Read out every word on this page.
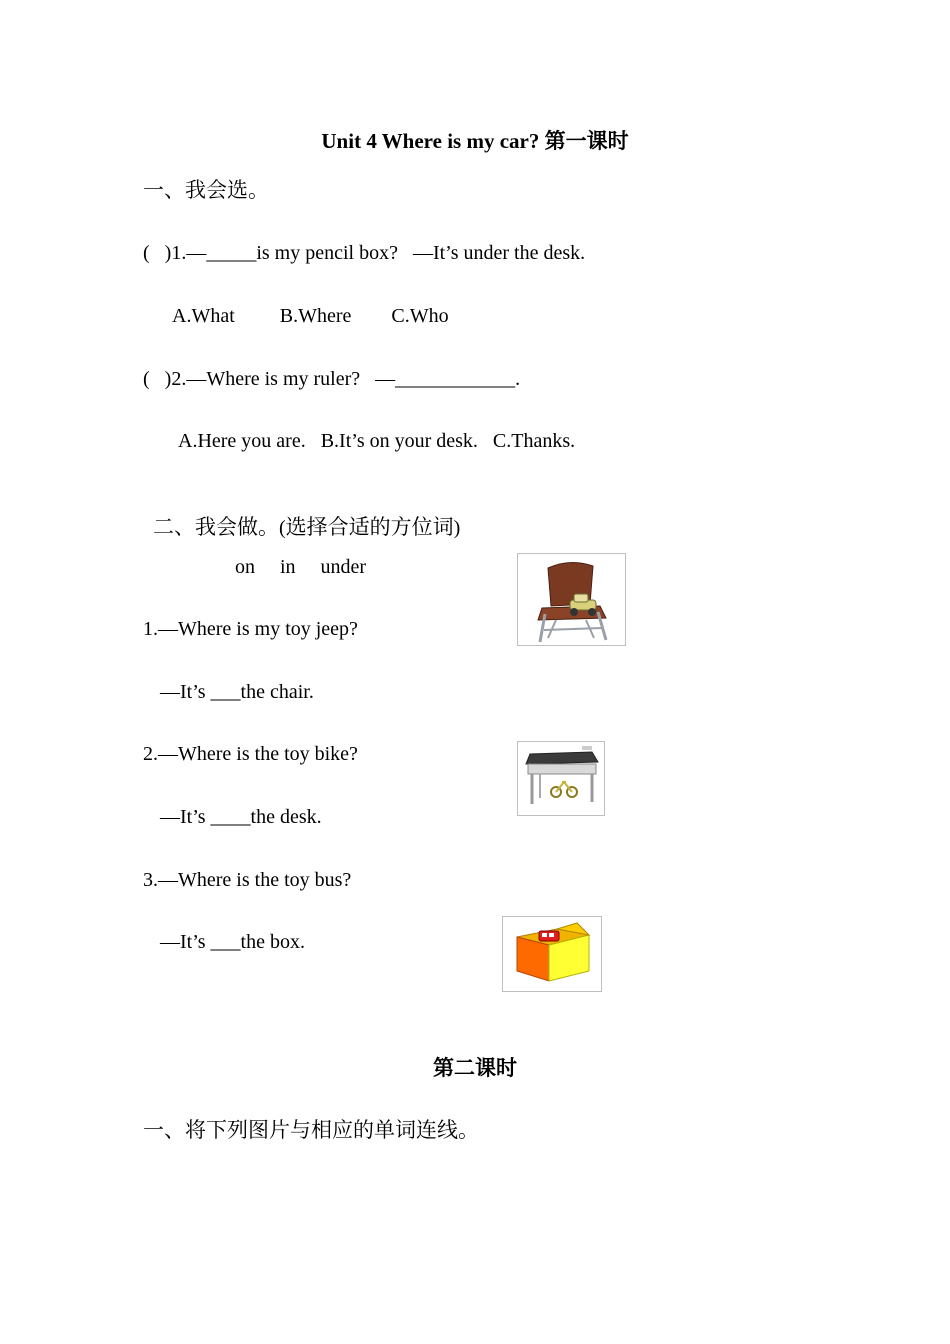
Unit 4 Where is my car? 第一课时
一、我会选。
(   )1.—_____is my pencil box?   —It’s under the desk.
A.What         B.Where        C.Who
(   )2.—Where is my ruler?   —____________.
A.Here you are.   B.It’s on your desk.   C.Thanks.

二、我会做。(选择合适的方位词)

on     in     under
1.—Where is my toy jeep?
—It’s ___the chair.
2.—Where is the toy bike?
—It’s ____the desk.
3.—Where is the toy bus?
—It’s ___the box.
第二课时
一、将下列图片与相应的单词连线。
